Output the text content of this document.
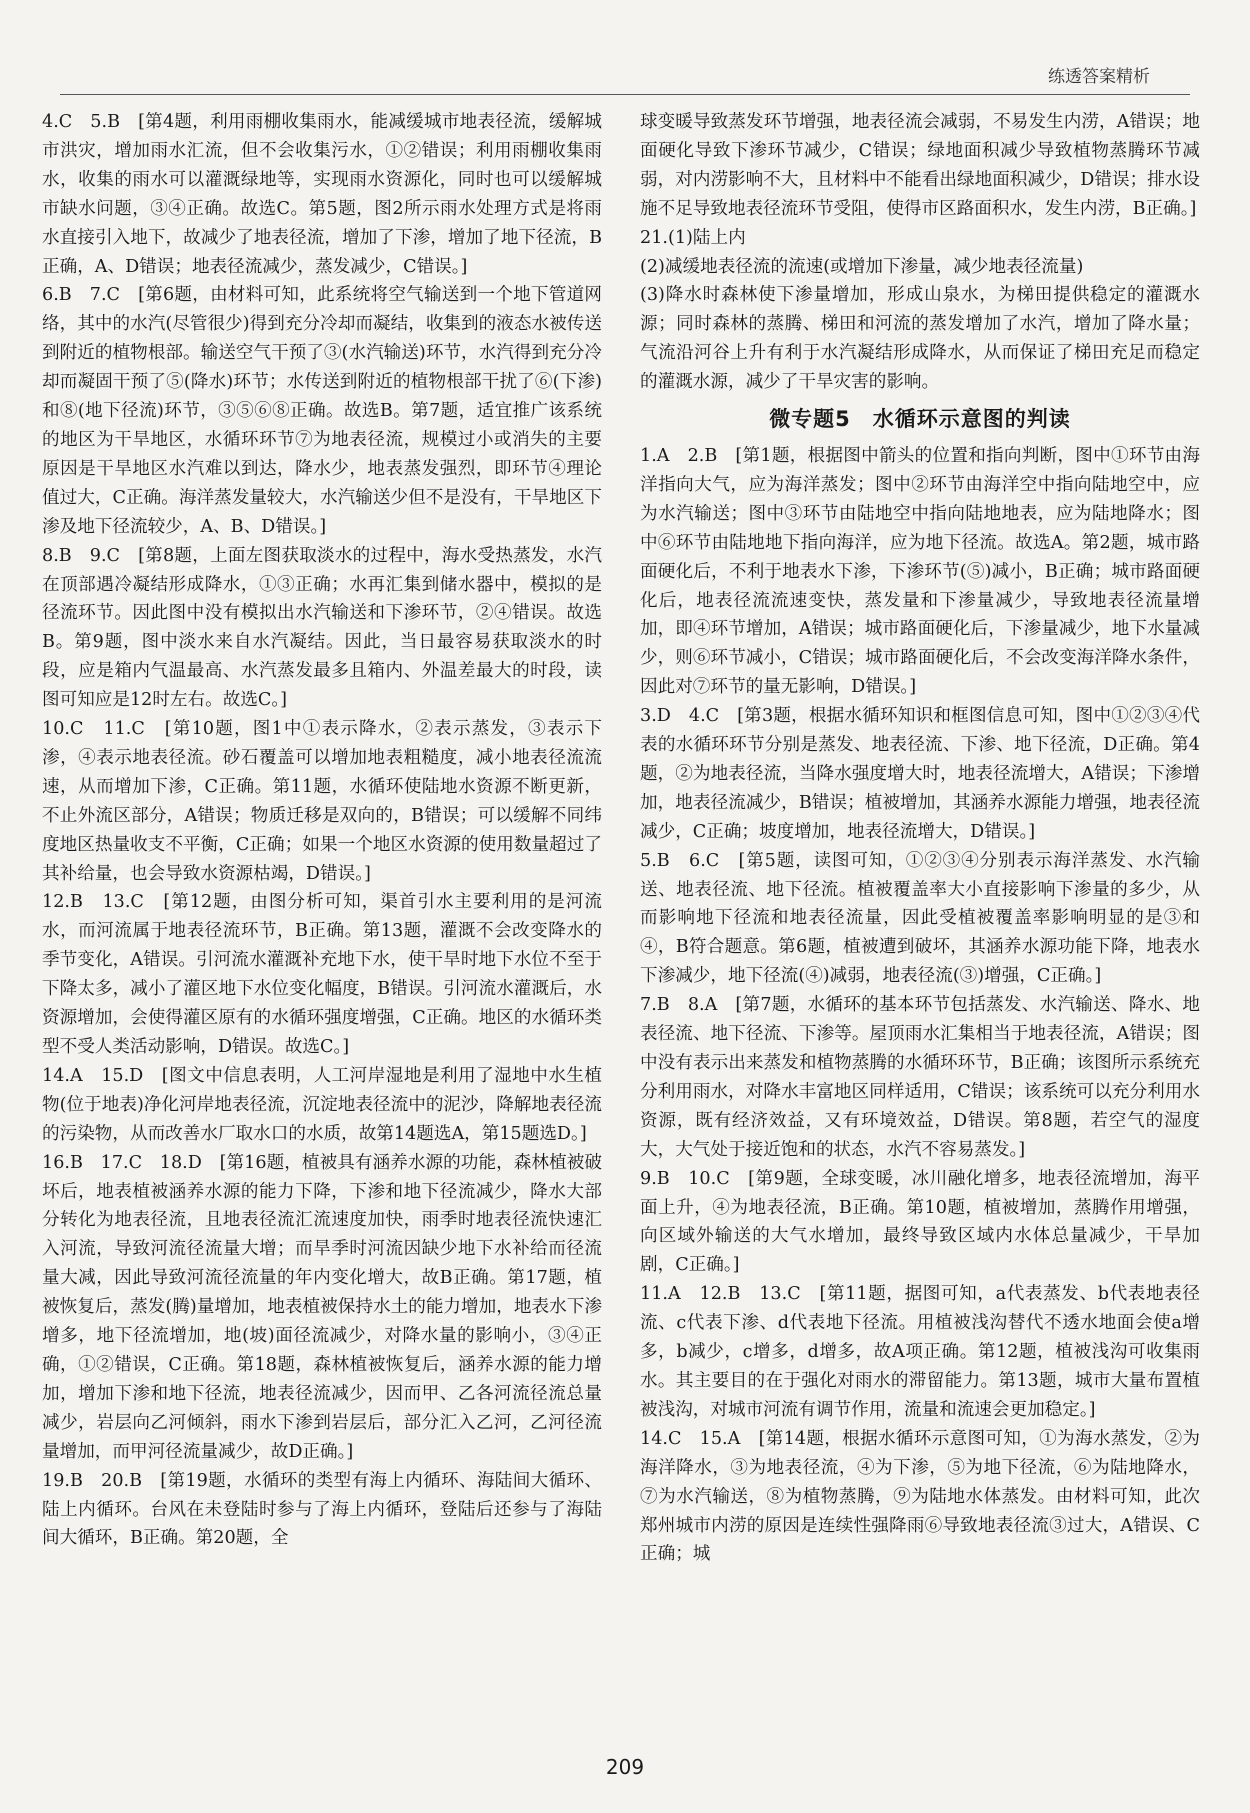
练透答案精析

4.C　5.B　[第4题，利用雨棚收集雨水，能减缓城市地表径流，缓解城市洪灾，增加雨水汇流，但不会收集污水，①②错误；利用雨棚收集雨水，收集的雨水可以灌溉绿地等，实现雨水资源化，同时也可以缓解城市缺水问题，③④正确。故选C。第5题，图2所示雨水处理方式是将雨水直接引入地下，故减少了地表径流，增加了下渗，增加了地下径流，B正确，A、D错误；地表径流减少，蒸发减少，C错误。]

6.B　7.C　[第6题，由材料可知，此系统将空气输送到一个地下管道网络，其中的水汽(尽管很少)得到充分冷却而凝结，收集到的液态水被传送到附近的植物根部。输送空气干预了③(水汽输送)环节，水汽得到充分冷却而凝固干预了⑤(降水)环节；水传送到附近的植物根部干扰了⑥(下渗)和⑧(地下径流)环节，③⑤⑥⑧正确。故选B。第7题，适宜推广该系统的地区为干旱地区，水循环环节⑦为地表径流，规模过小或消失的主要原因是干旱地区水汽难以到达，降水少，地表蒸发强烈，即环节④理论值过大，C正确。海洋蒸发量较大，水汽输送少但不是没有，干旱地区下渗及地下径流较少，A、B、D错误。]

8.B　9.C　[第8题，上面左图获取淡水的过程中，海水受热蒸发，水汽在顶部遇冷凝结形成降水，①③正确；水再汇集到储水器中，模拟的是径流环节。因此图中没有模拟出水汽输送和下渗环节，②④错误。故选B。第9题，图中淡水来自水汽凝结。因此，当日最容易获取淡水的时段，应是箱内气温最高、水汽蒸发最多且箱内、外温差最大的时段，读图可知应是12时左右。故选C。]

10.C　11.C　[第10题，图1中①表示降水，②表示蒸发，③表示下渗，④表示地表径流。砂石覆盖可以增加地表粗糙度，减小地表径流流速，从而增加下渗，C正确。第11题，水循环使陆地水资源不断更新，不止外流区部分，A错误；物质迁移是双向的，B错误；可以缓解不同纬度地区热量收支不平衡，C正确；如果一个地区水资源的使用数量超过了其补给量，也会导致水资源枯竭，D错误。]

12.B　13.C　[第12题，由图分析可知，渠首引水主要利用的是河流水，而河流属于地表径流环节，B正确。第13题，灌溉不会改变降水的季节变化，A错误。引河流水灌溉补充地下水，使干旱时地下水位不至于下降太多，减小了灌区地下水位变化幅度，B错误。引河流水灌溉后，水资源增加，会使得灌区原有的水循环强度增强，C正确。地区的水循环类型不受人类活动影响，D错误。故选C。]

14.A　15.D　[图文中信息表明，人工河岸湿地是利用了湿地中水生植物(位于地表)净化河岸地表径流，沉淀地表径流中的泥沙，降解地表径流的污染物，从而改善水厂取水口的水质，故第14题选A，第15题选D。]

16.B　17.C　18.D　[第16题，植被具有涵养水源的功能，森林植被破坏后，地表植被涵养水源的能力下降，下渗和地下径流减少，降水大部分转化为地表径流，且地表径流汇流速度加快，雨季时地表径流快速汇入河流，导致河流径流量大增；而旱季时河流因缺少地下水补给而径流量大减，因此导致河流径流量的年内变化增大，故B正确。第17题，植被恢复后，蒸发(腾)量增加，地表植被保持水土的能力增加，地表水下渗增多，地下径流增加，地(坡)面径流减少，对降水量的影响小，③④正确，①②错误，C正确。第18题，森林植被恢复后，涵养水源的能力增加，增加下渗和地下径流，地表径流减少，因而甲、乙各河流径流总量减少，岩层向乙河倾斜，雨水下渗到岩层后，部分汇入乙河，乙河径流量增加，而甲河径流量减少，故D正确。]

19.B　20.B　[第19题，水循环的类型有海上内循环、海陆间大循环、陆上内循环。台风在未登陆时参与了海上内循环，登陆后还参与了海陆间大循环，B正确。第20题，全

球变暖导致蒸发环节增强，地表径流会减弱，不易发生内涝，A错误；地面硬化导致下渗环节减少，C错误；绿地面积减少导致植物蒸腾环节减弱，对内涝影响不大，且材料中不能看出绿地面积减少，D错误；排水设施不足导致地表径流环节受阻，使得市区路面积水，发生内涝，B正确。]

21.(1)陆上内

(2)减缓地表径流的流速(或增加下渗量，减少地表径流量)

(3)降水时森林使下渗量增加，形成山泉水，为梯田提供稳定的灌溉水源；同时森林的蒸腾、梯田和河流的蒸发增加了水汽，增加了降水量；气流沿河谷上升有利于水汽凝结形成降水，从而保证了梯田充足而稳定的灌溉水源，减少了干旱灾害的影响。

微专题5　水循环示意图的判读

1.A　2.B　[第1题，根据图中箭头的位置和指向判断，图中①环节由海洋指向大气，应为海洋蒸发；图中②环节由海洋空中指向陆地空中，应为水汽输送；图中③环节由陆地空中指向陆地地表，应为陆地降水；图中⑥环节由陆地地下指向海洋，应为地下径流。故选A。第2题，城市路面硬化后，不利于地表水下渗，下渗环节(⑤)减小，B正确；城市路面硬化后，地表径流流速变快，蒸发量和下渗量减少，导致地表径流量增加，即④环节增加，A错误；城市路面硬化后，下渗量减少，地下水量减少，则⑥环节减小，C错误；城市路面硬化后，不会改变海洋降水条件，因此对⑦环节的量无影响，D错误。]

3.D　4.C　[第3题，根据水循环知识和框图信息可知，图中①②③④代表的水循环环节分别是蒸发、地表径流、下渗、地下径流，D正确。第4题，②为地表径流，当降水强度增大时，地表径流增大，A错误；下渗增加，地表径流减少，B错误；植被增加，其涵养水源能力增强，地表径流减少，C正确；坡度增加，地表径流增大，D错误。]

5.B　6.C　[第5题，读图可知，①②③④分别表示海洋蒸发、水汽输送、地表径流、地下径流。植被覆盖率大小直接影响下渗量的多少，从而影响地下径流和地表径流量，因此受植被覆盖率影响明显的是③和④，B符合题意。第6题，植被遭到破坏，其涵养水源功能下降，地表水下渗减少，地下径流(④)减弱，地表径流(③)增强，C正确。]

7.B　8.A　[第7题，水循环的基本环节包括蒸发、水汽输送、降水、地表径流、地下径流、下渗等。屋顶雨水汇集相当于地表径流，A错误；图中没有表示出来蒸发和植物蒸腾的水循环环节，B正确；该图所示系统充分利用雨水，对降水丰富地区同样适用，C错误；该系统可以充分利用水资源，既有经济效益，又有环境效益，D错误。第8题，若空气的湿度大，大气处于接近饱和的状态，水汽不容易蒸发。]

9.B　10.C　[第9题，全球变暖，冰川融化增多，地表径流增加，海平面上升，④为地表径流，B正确。第10题，植被增加，蒸腾作用增强，向区域外输送的大气水增加，最终导致区域内水体总量减少，干旱加剧，C正确。]

11.A　12.B　13.C　[第11题，据图可知，a代表蒸发、b代表地表径流、c代表下渗、d代表地下径流。用植被浅沟替代不透水地面会使a增多，b减少，c增多，d增多，故A项正确。第12题，植被浅沟可收集雨水。其主要目的在于强化对雨水的滞留能力。第13题，城市大量布置植被浅沟，对城市河流有调节作用，流量和流速会更加稳定。]

14.C　15.A　[第14题，根据水循环示意图可知，①为海水蒸发，②为海洋降水，③为地表径流，④为下渗，⑤为地下径流，⑥为陆地降水，⑦为水汽输送，⑧为植物蒸腾，⑨为陆地水体蒸发。由材料可知，此次郑州城市内涝的原因是连续性强降雨⑥导致地表径流③过大，A错误、C正确；城

209
